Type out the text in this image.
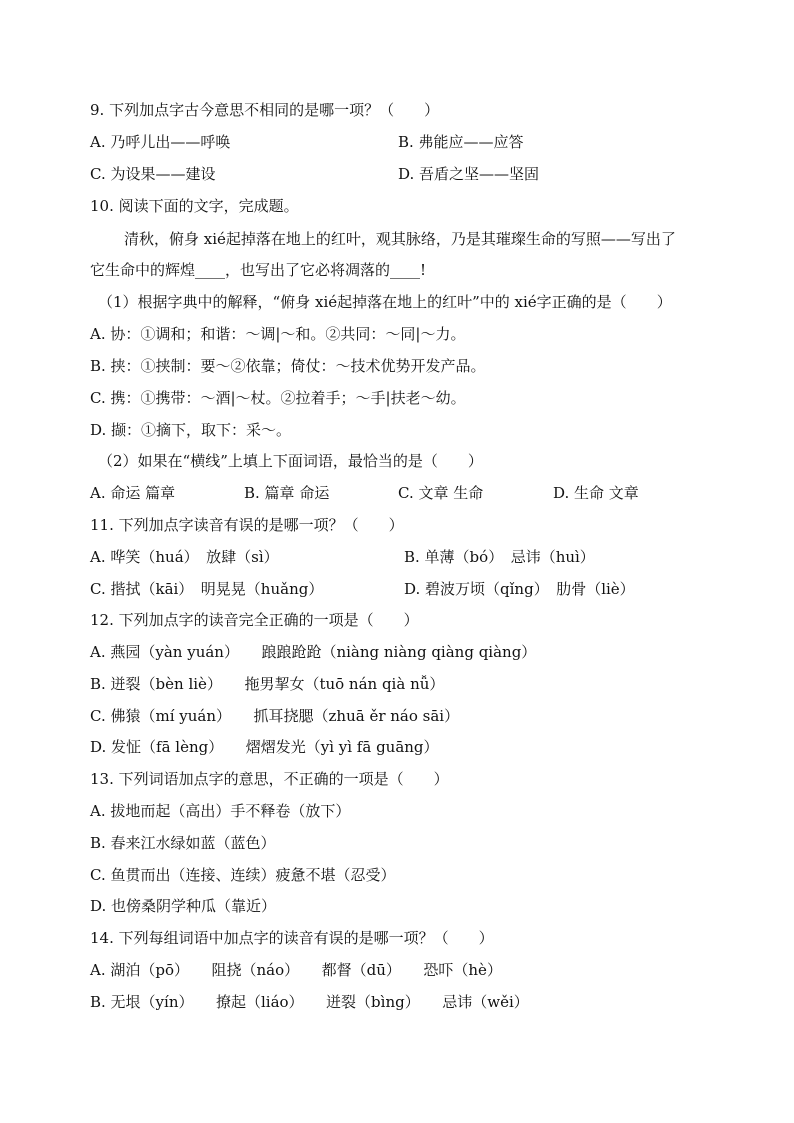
9. 下列加点字古今意思不相同的是哪一项？（　　）
A. 乃呼儿出——呼唤	B. 弗能应——应答
C. 为设果——建设	D. 吾盾之坚——坚固
10. 阅读下面的文字，完成题。
清秋，俯身 xié起掉落在地上的红叶，观其脉络，乃是其璀璨生命的写照——写出了
它生命中的辉煌____，也写出了它必将凋落的____!
（1）根据字典中的解释，“俯身 xié起掉落在地上的红叶”中的 xié字正确的是（　　）
A. 协：①调和；和谐：～调|～和。②共同：～同|～力。
B. 挟：①挟制：要～②依靠；倚仗：～技术优势开发产品。
C. 携：①携带：～酒|～杖。②拉着手；～手|扶老～幼。
D. 撷：①摘下，取下：采～。
（2）如果在“横线”上填上下面词语，最恰当的是（　　）
A. 命运 篇章	B. 篇章 命运	C. 文章 生命	D. 生命 文章
11. 下列加点字读音有误的是哪一项？（　　）
A. 哗笑（huá）　放肆（sì）	B. 单薄（bó）　忌讳（huì）
C. 揩拭（kāi）　明晃晃（huǎng）	D. 碧波万顷（qǐng）　肋骨（liè）
12. 下列加点字的读音完全正确的一项是（　　）
A. 燕园（yàn yuán）　　踉踉跄跄（niàng niàng qiàng qiàng）
B. 迸裂（bèn liè）　　拖男挈女（tuō nán qià nǚ）
C. 佛猿（mí yuán）　　抓耳挠腮（zhuā ěr náo sāi）
D. 发怔（fā lèng）　　熠熠发光（yì yì fā guāng）
13. 下列词语加点字的意思，不正确的一项是（　　）
A. 拔地而起（高出）手不释卷（放下）
B. 春来江水绿如蓝（蓝色）
C. 鱼贯而出（连接、连续）疲惫不堪（忍受）
D. 也傍桑阴学种瓜（靠近）
14. 下列每组词语中加点字的读音有误的是哪一项？（　　）
A. 湖泊（pō）　　阻挠（náo）　　都督（dū）　　恐吓（hè）
B. 无垠（yín）　　撩起（liáo）　　迸裂（bìng）　　忌讳（wěi）
